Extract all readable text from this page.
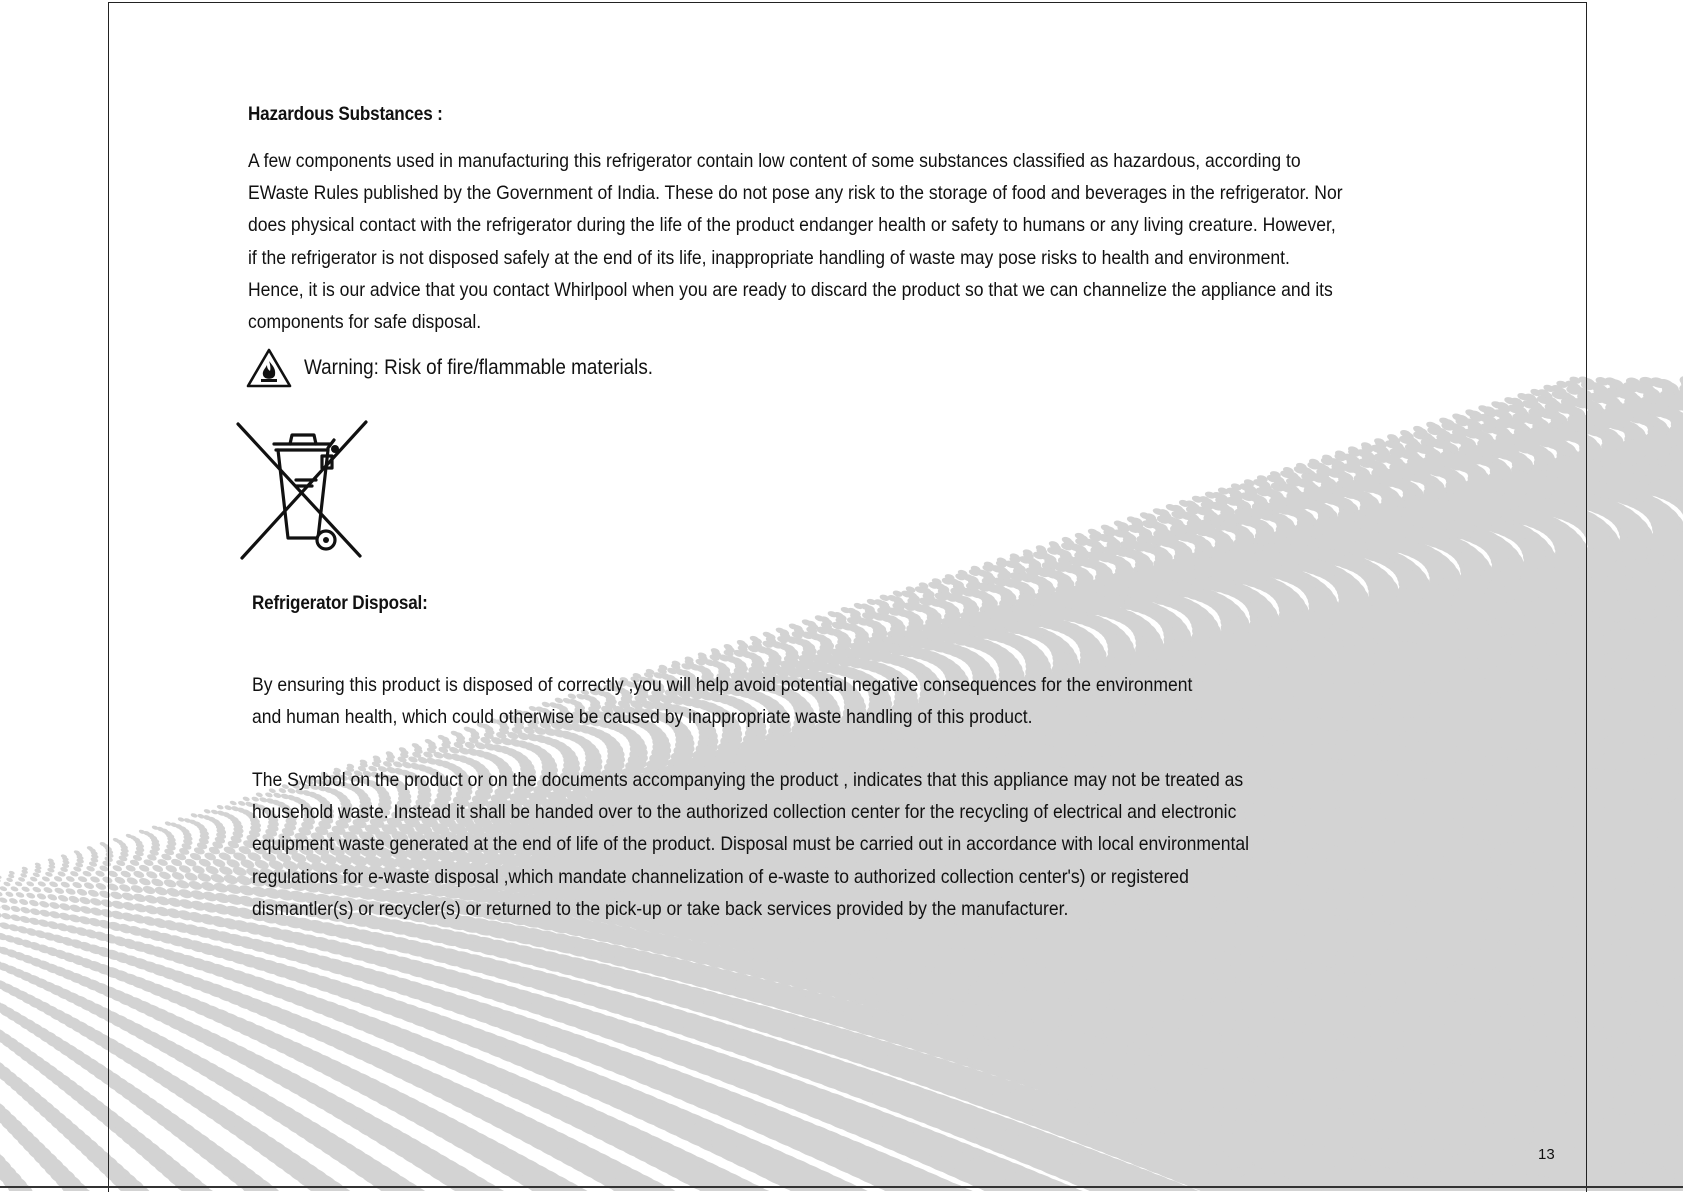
Hazardous Substances :
A few components used in manufacturing this refrigerator contain low content of some substances classified as hazardous, according to
EWaste Rules published by the Government of India. These do not pose any risk to the storage of food and beverages in the refrigerator. Nor
does physical contact with the refrigerator during the life of the product endanger health or safety to humans or any living creature. However,
if the refrigerator is not disposed safely at the end of its life, inappropriate handling of waste may pose risks to health and environment.
Hence, it is our advice that you contact Whirlpool when you are ready to discard the product so that we can channelize the appliance and its
components for safe disposal.
Warning: Risk of fire/flammable materials.
Refrigerator Disposal:
By ensuring this product is disposed of correctly ,you will help avoid potential negative consequences for the environment
and human health, which could otherwise be caused by inappropriate waste handling of this product.
The Symbol on the product or on the documents accompanying the product , indicates that this appliance may not be treated as
household waste. Instead it shall be handed over to the authorized collection center for the recycling of electrical and electronic
equipment waste generated at the end of life of the product. Disposal must be carried out in accordance with local environmental
regulations for e-waste disposal ,which mandate channelization of e-waste to authorized collection center's) or registered
dismantler(s) or recycler(s) or returned to the pick-up or take back services provided by the manufacturer.
13
